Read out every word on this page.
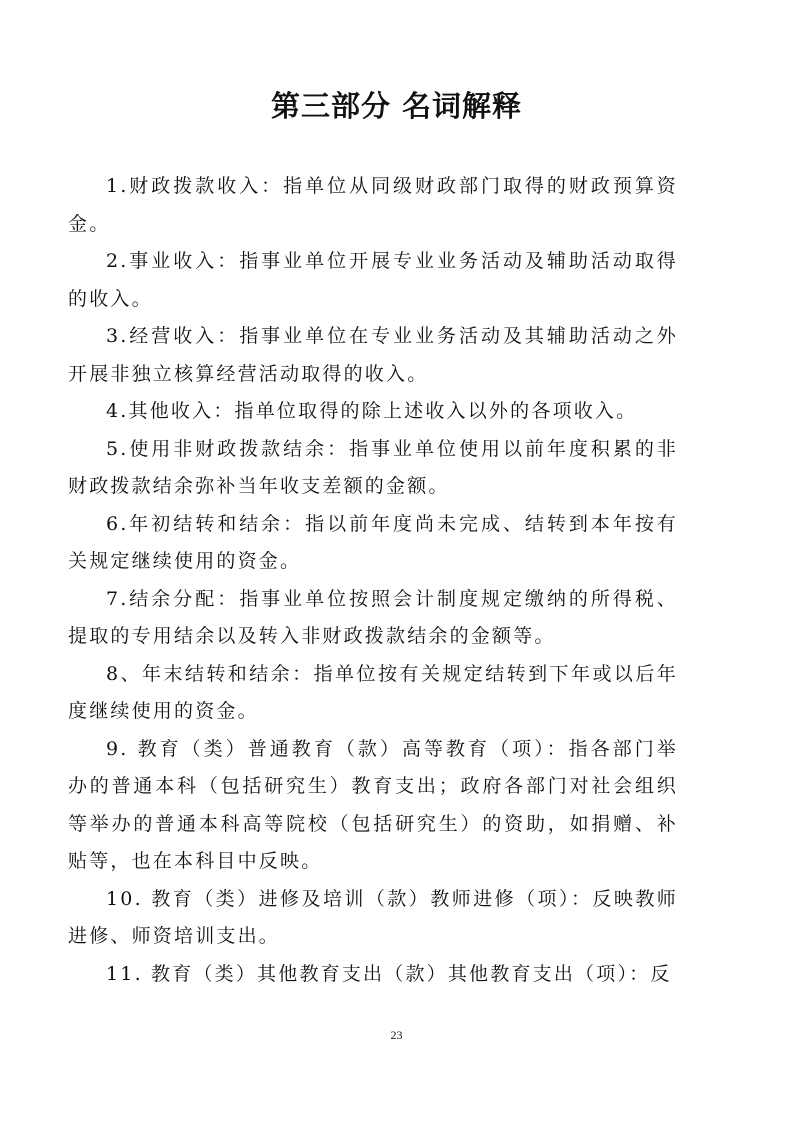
第三部分 名词解释

1.财政拨款收入：指单位从同级财政部门取得的财政预算资金。

2.事业收入：指事业单位开展专业业务活动及辅助活动取得的收入。

3.经营收入：指事业单位在专业业务活动及其辅助活动之外开展非独立核算经营活动取得的收入。

4.其他收入：指单位取得的除上述收入以外的各项收入。

5.使用非财政拨款结余：指事业单位使用以前年度积累的非财政拨款结余弥补当年收支差额的金额。

6.年初结转和结余：指以前年度尚未完成、结转到本年按有关规定继续使用的资金。

7.结余分配：指事业单位按照会计制度规定缴纳的所得税、提取的专用结余以及转入非财政拨款结余的金额等。

8、年末结转和结余：指单位按有关规定结转到下年或以后年度继续使用的资金。

9. 教育（类）普通教育（款）高等教育（项）：指各部门举办的普通本科（包括研究生）教育支出；政府各部门对社会组织等举办的普通本科高等院校（包括研究生）的资助，如捐赠、补贴等，也在本科目中反映。

10. 教育（类）进修及培训（款）教师进修（项）：反映教师进修、师资培训支出。

11. 教育（类）其他教育支出（款）其他教育支出（项）：反

23
